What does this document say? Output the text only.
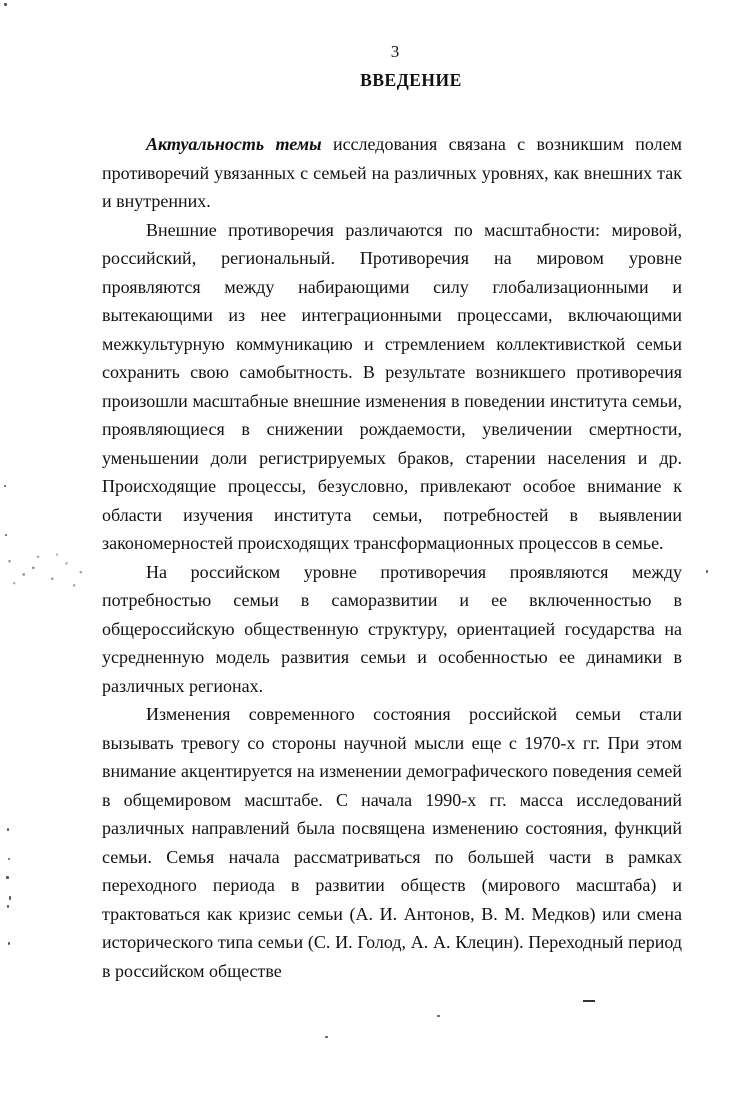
3
ВВЕДЕНИЕ

Актуальность темы исследования связана с возникшим полем противоречий увязанных с семьей на различных уровнях, как внешних так и внутренних.

Внешние противоречия различаются по масштабности: мировой, российский, региональный. Противоречия на мировом уровне проявляются между набирающими силу глобализационными и вытекающими из нее интеграционными процессами, включающими межкультурную коммуникацию и стремлением коллективисткой семьи сохранить свою самобытность. В результате возникшего противоречия произошли масштабные внешние изменения в поведении института семьи, проявляющиеся в снижении рождаемости, увеличении смертности, уменьшении доли регистрируемых браков, старении населения и др. Происходящие процессы, безусловно, привлекают особое внимание к области изучения института семьи, потребностей в выявлении закономерностей происходящих трансформационных процессов в семье.

На российском уровне противоречия проявляются между потребностью семьи в саморазвитии и ее включенностью в общероссийскую общественную структуру, ориентацией государства на усредненную модель развития семьи и особенностью ее динамики в различных регионах.

Изменения современного состояния российской семьи стали вызывать тревогу со стороны научной мысли еще с 1970-х гг. При этом внимание акцентируется на изменении демографического поведения семей в общемировом масштабе. С начала 1990-х гг. масса исследований различных направлений была посвящена изменению состояния, функций семьи. Семья начала рассматриваться по большей части в рамках переходного периода в развитии обществ (мирового масштаба) и трактоваться как кризис семьи (А. И. Антонов, В. М. Медков) или смена исторического типа семьи (С. И. Голод, А. А. Клецин). Переходный период в российском обществе
